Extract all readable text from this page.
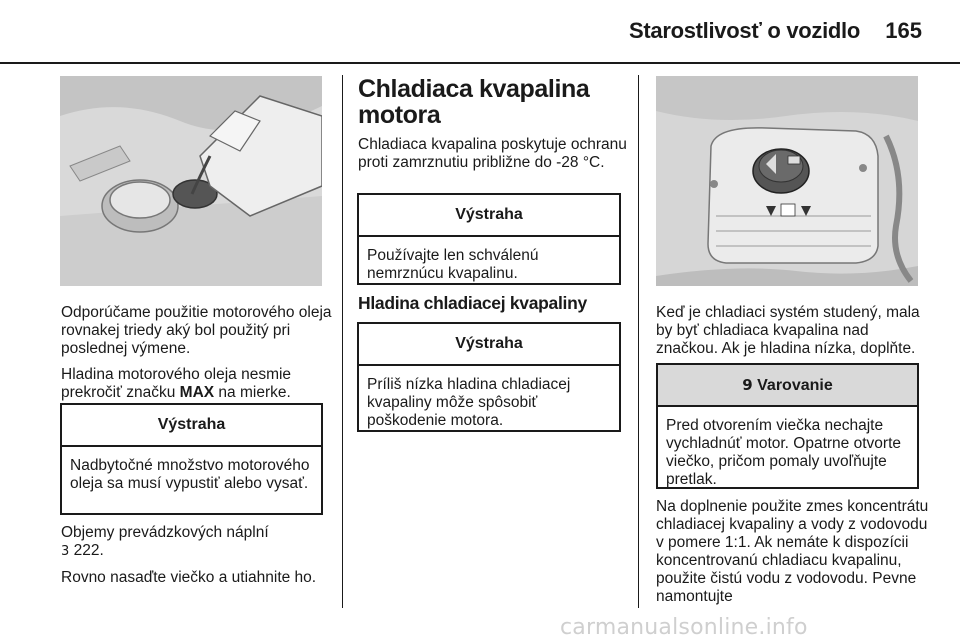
Starostlivosť o vozidlo	165

Odporúčame použitie motorového oleja rovnakej triedy aký bol použitý pri poslednej výmene.

Hladina motorového oleja nesmie prekročiť značku MAX na mierke.

Výstraha
Nadbytočné množstvo motorového oleja sa musí vypustiť alebo vysať.

Objemy prevádzkových náplní
3 222.

Rovno nasaďte viečko a utiahnite ho.

Chladiaca kvapalina motora

Chladiaca kvapalina poskytuje ochranu proti zamrznutiu približne do -28 °C.

Výstraha
Používajte len schválenú nemrznúcu kvapalinu.
Hladina chladiacej kvapaliny
Výstraha
Príliš nízka hladina chladiacej kvapaliny môže spôsobiť poškodenie motora.

Keď je chladiaci systém studený, mala by byť chladiaca kvapalina nad značkou. Ak je hladina nízka, doplňte.

9 Varovanie
Pred otvorením viečka nechajte vychladnúť motor. Opatrne otvorte viečko, pričom pomaly uvoľňujte pretlak.

Na doplnenie použite zmes koncentrátu chladiacej kvapaliny a vody z vodovodu v pomere 1:1. Ak nemáte k dispozícii koncentrovanú chladiacu kvapalinu, použite čistú vodu z vodovodu. Pevne namontujte

carmanualsonline.info
